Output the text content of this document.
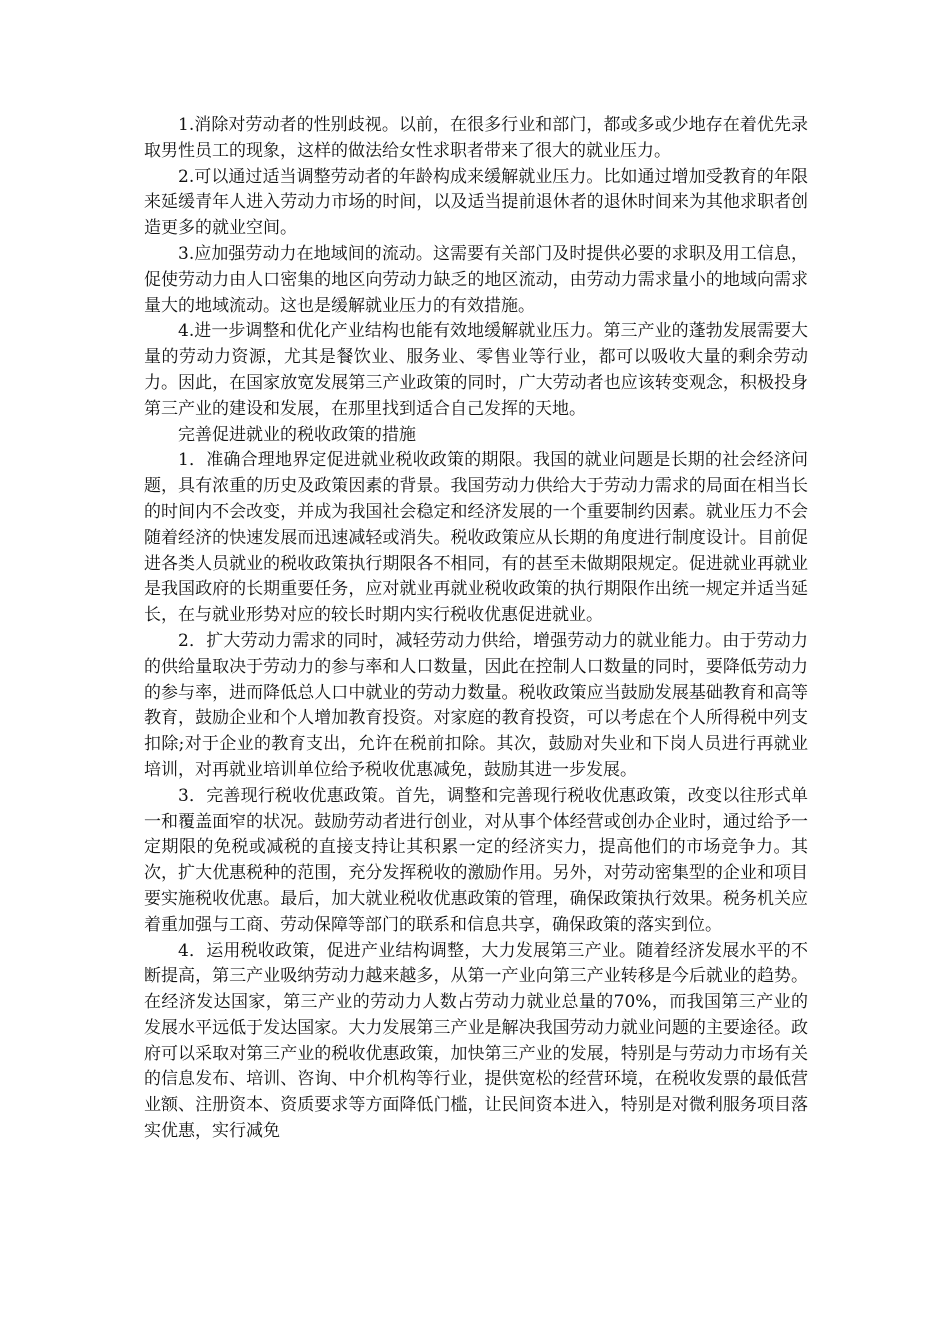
1.消除对劳动者的性别歧视。以前，在很多行业和部门，都或多或少地存在着优先录取男性员工的现象，这样的做法给女性求职者带来了很大的就业压力。

2.可以通过适当调整劳动者的年龄构成来缓解就业压力。比如通过增加受教育的年限来延缓青年人进入劳动力市场的时间，以及适当提前退休者的退休时间来为其他求职者创造更多的就业空间。

3.应加强劳动力在地域间的流动。这需要有关部门及时提供必要的求职及用工信息，促使劳动力由人口密集的地区向劳动力缺乏的地区流动，由劳动力需求量小的地域向需求量大的地域流动。这也是缓解就业压力的有效措施。

4.进一步调整和优化产业结构也能有效地缓解就业压力。第三产业的蓬勃发展需要大量的劳动力资源，尤其是餐饮业、服务业、零售业等行业，都可以吸收大量的剩余劳动力。因此，在国家放宽发展第三产业政策的同时，广大劳动者也应该转变观念，积极投身第三产业的建设和发展，在那里找到适合自己发挥的天地。

完善促进就业的税收政策的措施

1．准确合理地界定促进就业税收政策的期限。我国的就业问题是长期的社会经济问题，具有浓重的历史及政策因素的背景。我国劳动力供给大于劳动力需求的局面在相当长的时间内不会改变，并成为我国社会稳定和经济发展的一个重要制约因素。就业压力不会随着经济的快速发展而迅速减轻或消失。税收政策应从长期的角度进行制度设计。目前促进各类人员就业的税收政策执行期限各不相同，有的甚至未做期限规定。促进就业再就业是我国政府的长期重要任务，应对就业再就业税收政策的执行期限作出统一规定并适当延长，在与就业形势对应的较长时期内实行税收优惠促进就业。

2．扩大劳动力需求的同时，减轻劳动力供给，增强劳动力的就业能力。由于劳动力的供给量取决于劳动力的参与率和人口数量，因此在控制人口数量的同时，要降低劳动力的参与率，进而降低总人口中就业的劳动力数量。税收政策应当鼓励发展基础教育和高等教育，鼓励企业和个人增加教育投资。对家庭的教育投资，可以考虑在个人所得税中列支扣除;对于企业的教育支出，允许在税前扣除。其次，鼓励对失业和下岗人员进行再就业培训，对再就业培训单位给予税收优惠减免，鼓励其进一步发展。

3．完善现行税收优惠政策。首先，调整和完善现行税收优惠政策，改变以往形式单一和覆盖面窄的状况。鼓励劳动者进行创业，对从事个体经营或创办企业时，通过给予一定期限的免税或减税的直接支持让其积累一定的经济实力，提高他们的市场竞争力。其次，扩大优惠税种的范围，充分发挥税收的激励作用。另外，对劳动密集型的企业和项目要实施税收优惠。最后，加大就业税收优惠政策的管理，确保政策执行效果。税务机关应着重加强与工商、劳动保障等部门的联系和信息共享，确保政策的落实到位。

4．运用税收政策，促进产业结构调整，大力发展第三产业。随着经济发展水平的不断提高，第三产业吸纳劳动力越来越多，从第一产业向第三产业转移是今后就业的趋势。在经济发达国家，第三产业的劳动力人数占劳动力就业总量的70%，而我国第三产业的发展水平远低于发达国家。大力发展第三产业是解决我国劳动力就业问题的主要途径。政府可以采取对第三产业的税收优惠政策，加快第三产业的发展，特别是与劳动力市场有关的信息发布、培训、咨询、中介机构等行业，提供宽松的经营环境，在税收发票的最低营业额、注册资本、资质要求等方面降低门槛，让民间资本进入，特别是对微利服务项目落实优惠，实行减免
